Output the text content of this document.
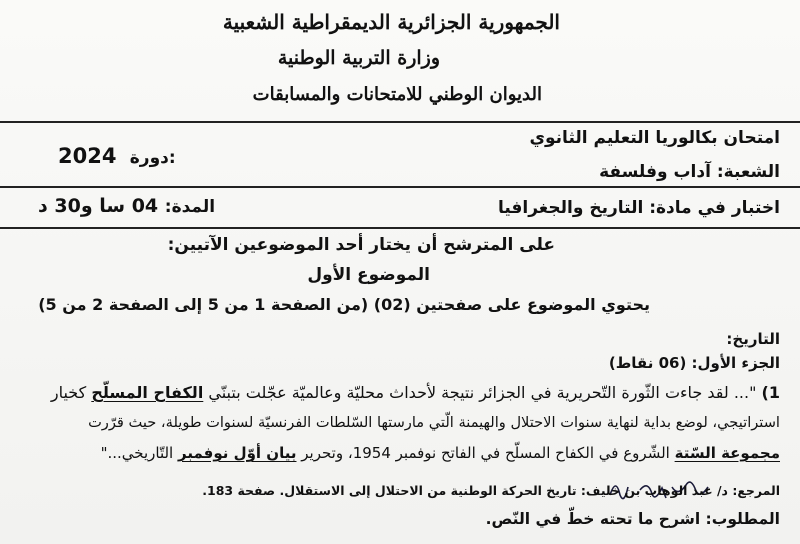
الجمهورية الجزائرية الديمقراطية الشعبية
وزارة التربية الوطنية
الديوان الوطني للامتحانات والمسابقات
امتحان بكالوريا التعليم الثانوي
2024 دورة:
الشعبة: آداب وفلسفة
اختبار في مادة: التاريخ والجغرافيا
المدة: 04 سا و30 د
على المترشح أن يختار أحد الموضوعين الآتيين:
الموضوع الأول
يحتوي الموضوع على صفحتين (02) (من الصفحة 1 من 5 إلى الصفحة 2 من 5)
التاريخ:
الجزء الأول: (06 نقاط)
1) "... لقد جاءت الثّورة التّحريرية في الجزائر نتيجة لأحداث محليّة وعالميّة عجّلت بتبنّي الكفاح المسلّح كخيار
استراتيجي، لوضع بداية لنهاية سنوات الاحتلال والهيمنة الّتي مارستها السّلطات الفرنسيّة لسنوات طويلة، حيث قرّرت
مجموعة السّتة الشّروع في الكفاح المسلّح في الفاتح نوفمبر 1954، وتحرير بيان أوّل نوفمبر التّاريخي..."
المرجع: د/ عبد الوهاب بن خليف: تاريخ الحركة الوطنية من الاحتلال إلى الاستقلال. صفحة 183.
المطلوب: اشرح ما تحته خطّ في النّص.
